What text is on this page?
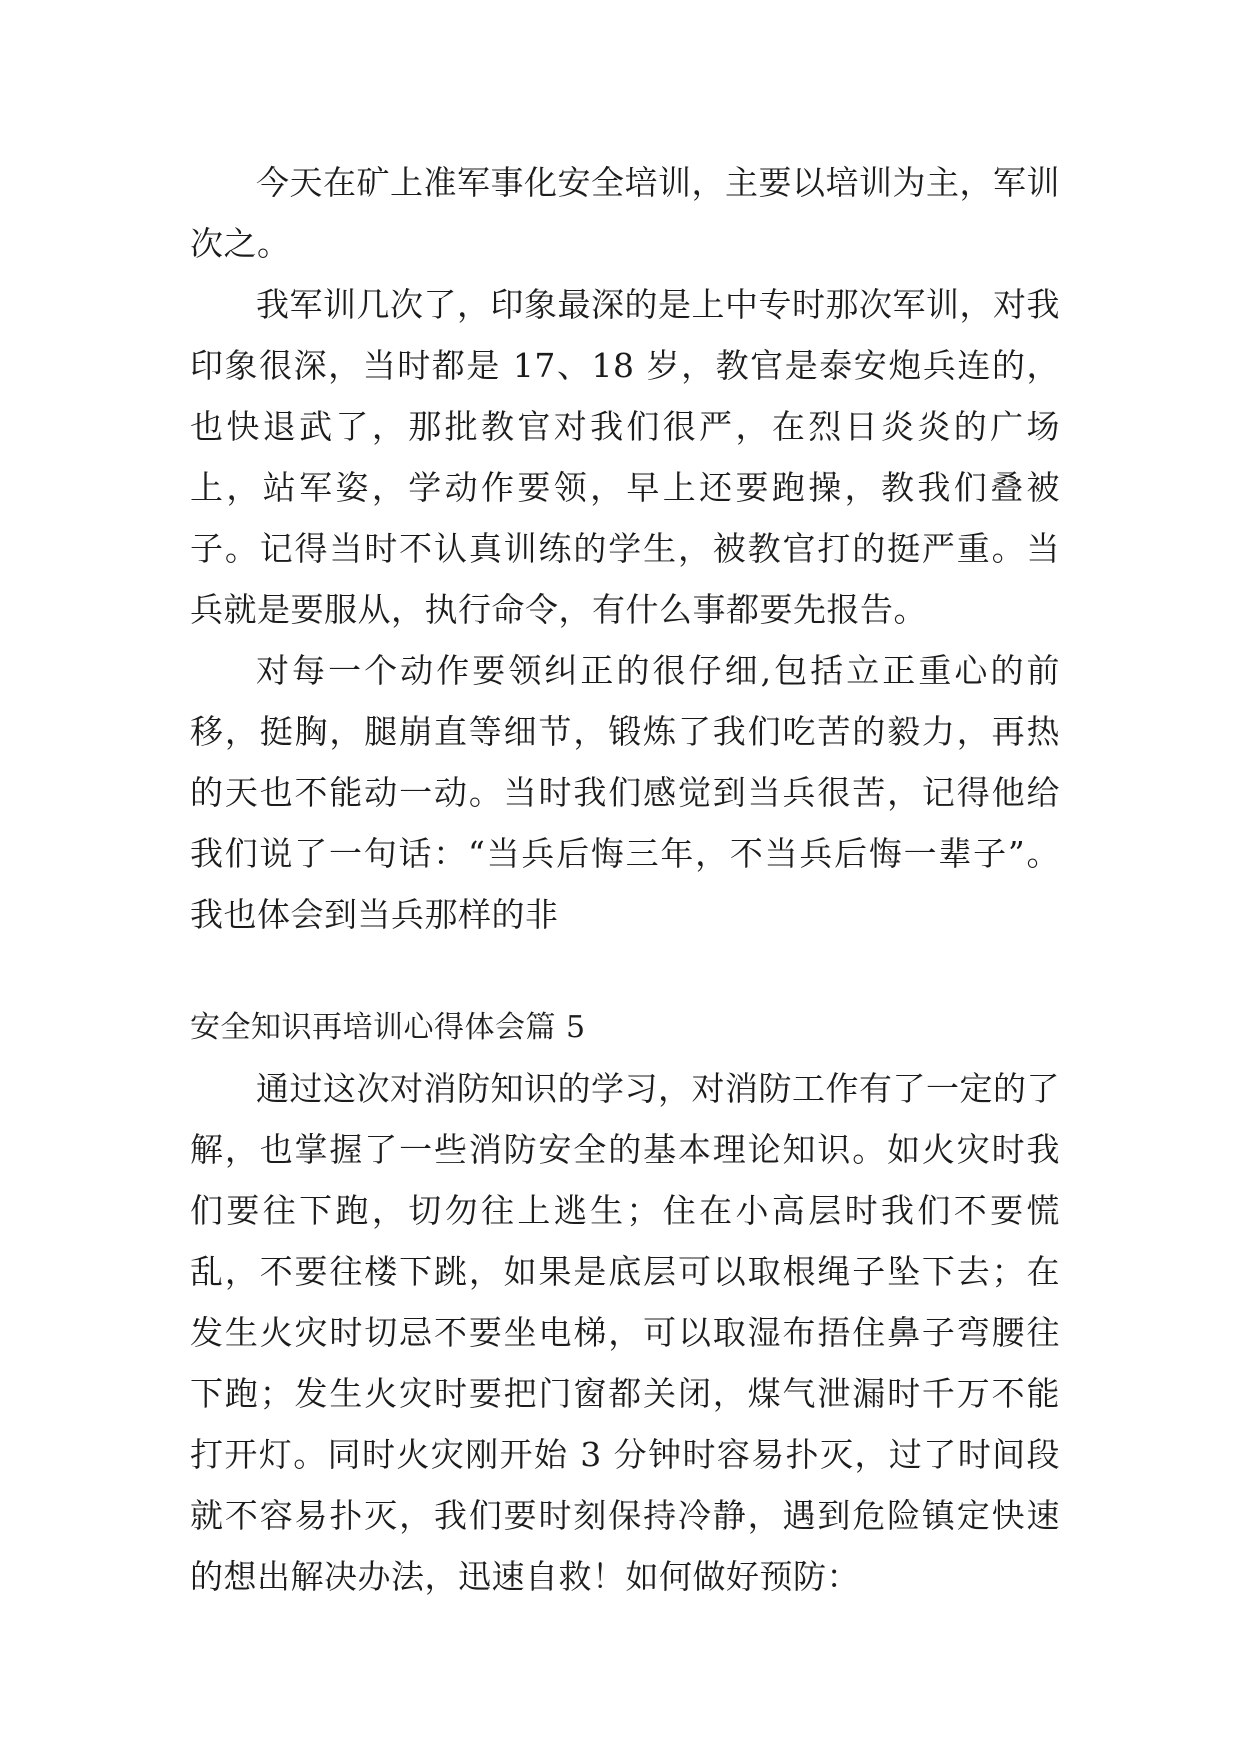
今天在矿上准军事化安全培训，主要以培训为主，军训次之。

我军训几次了，印象最深的是上中专时那次军训，对我印象很深，当时都是 17、18 岁，教官是泰安炮兵连的，也快退武了，那批教官对我们很严，在烈日炎炎的广场上，站军姿，学动作要领，早上还要跑操，教我们叠被子。记得当时不认真训练的学生，被教官打的挺严重。当兵就是要服从，执行命令，有什么事都要先报告。

对每一个动作要领纠正的很仔细,包括立正重心的前移，挺胸，腿崩直等细节，锻炼了我们吃苦的毅力，再热的天也不能动一动。当时我们感觉到当兵很苦，记得他给我们说了一句话：“当兵后悔三年，不当兵后悔一辈子”。我也体会到当兵那样的非

安全知识再培训心得体会篇 5

通过这次对消防知识的学习，对消防工作有了一定的了解，也掌握了一些消防安全的基本理论知识。如火灾时我们要往下跑，切勿往上逃生；住在小高层时我们不要慌乱，不要往楼下跳，如果是底层可以取根绳子坠下去；在发生火灾时切忌不要坐电梯，可以取湿布捂住鼻子弯腰往下跑；发生火灾时要把门窗都关闭，煤气泄漏时千万不能打开灯。同时火灾刚开始 3 分钟时容易扑灭，过了时间段就不容易扑灭，我们要时刻保持冷静，遇到危险镇定快速的想出解决办法，迅速自救！如何做好预防：
